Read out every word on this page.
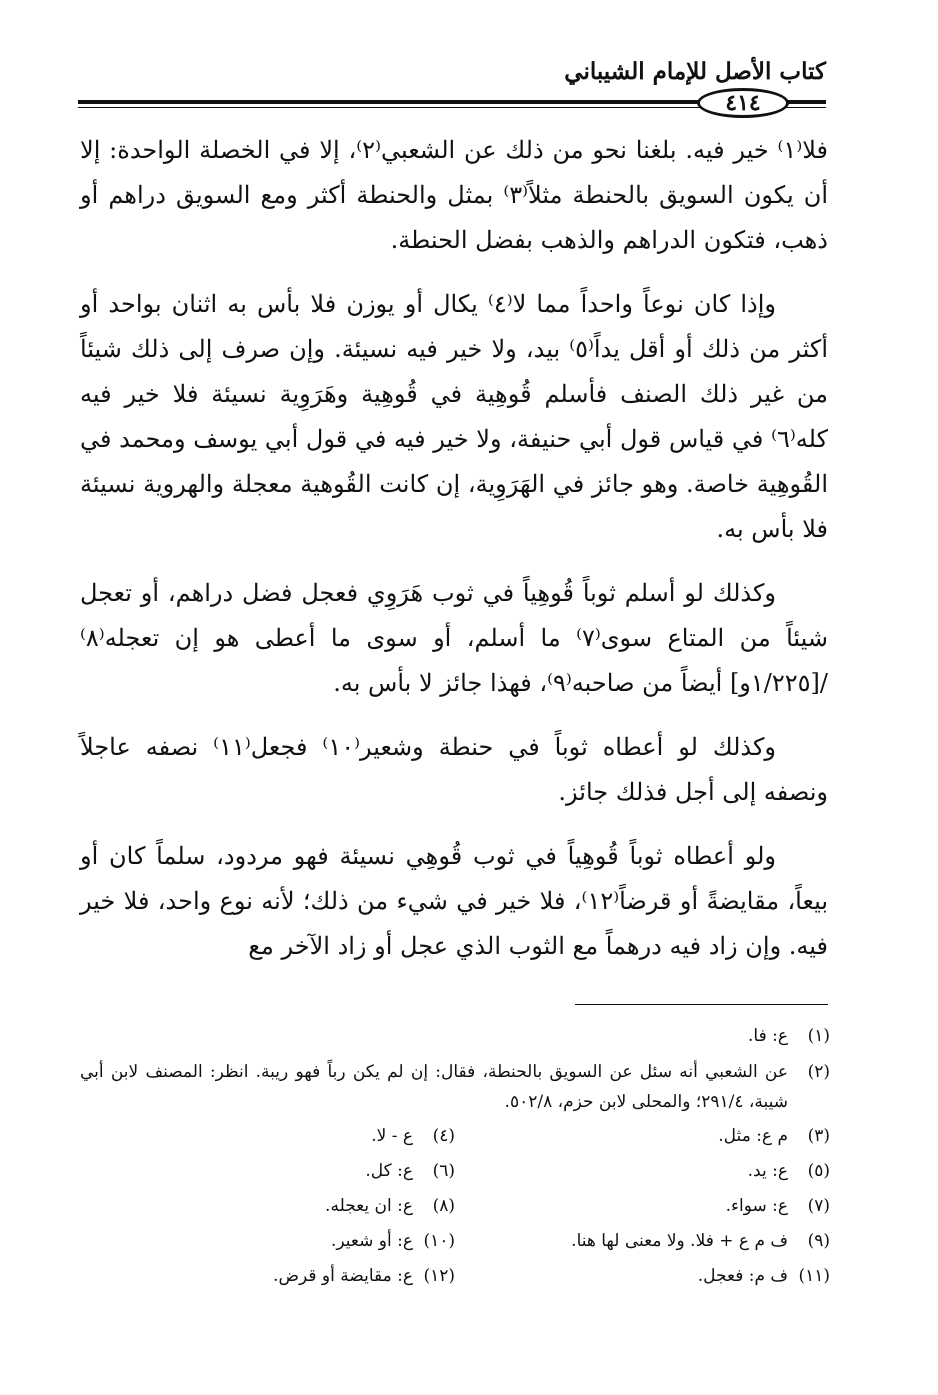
كتاب الأصل للإمام الشيباني
٤١٤

فلا⁽١⁾ خير فيه. بلغنا نحو من ذلك عن الشعبي⁽٢⁾، إلا في الخصلة الواحدة: إلا أن يكون السويق بالحنطة مثلاً⁽٣⁾ بمثل والحنطة أكثر ومع السويق دراهم أو ذهب، فتكون الدراهم والذهب بفضل الحنطة.

وإذا كان نوعاً واحداً مما لا⁽٤⁾ يكال أو يوزن فلا بأس به اثنان بواحد أو أكثر من ذلك أو أقل يداً⁽٥⁾ بيد، ولا خير فيه نسيئة. وإن صرف إلى ذلك شيئاً من غير ذلك الصنف فأسلم قُوهِية في قُوهِية وهَرَوِية نسيئة فلا خير فيه كله⁽٦⁾ في قياس قول أبي حنيفة، ولا خير فيه في قول أبي يوسف ومحمد في القُوهِية خاصة. وهو جائز في الهَرَوِية، إن كانت القُوهية معجلة والهروية نسيئة فلا بأس به.

وكذلك لو أسلم ثوباً قُوهِياً في ثوب هَرَوِي فعجل فضل دراهم، أو تعجل شيئاً من المتاع سوى⁽٧⁾ ما أسلم، أو سوى ما أعطى هو إن تعجله⁽٨⁾ /[١/٢٢٥و] أيضاً من صاحبه⁽٩⁾، فهذا جائز لا بأس به.

وكذلك لو أعطاه ثوباً في حنطة وشعير⁽١٠⁾ فجعل⁽١١⁾ نصفه عاجلاً ونصفه إلى أجل فذلك جائز.

ولو أعطاه ثوباً قُوهِياً في ثوب قُوهِي نسيئة فهو مردود، سلماً كان أو بيعاً، مقايضةً أو قرضاً⁽١٢⁾، فلا خير في شيء من ذلك؛ لأنه نوع واحد، فلا خير فيه. وإن زاد فيه درهماً مع الثوب الذي عجل أو زاد الآخر مع

(١)
ع: فا.
(٢)
عن الشعبي أنه سئل عن السويق بالحنطة، فقال: إن لم يكن رباً فهو ريبة. انظر: المصنف لابن أبي شيبة، ٢٩١/٤؛ والمحلى لابن حزم، ٥٠٢/٨.
(٣)
م ع: مثل.
(٤)
ع - لا.
(٥)
ع: يد.
(٦)
ع: كل.
(٧)
ع: سواء.
(٨)
ع: ان يعجله.
(٩)
ف م ع + فلا. ولا معنى لها هنا.
(١٠)
ع: أو شعير.
(١١)
ف م: فعجل.
(١٢)
ع: مقايضة أو قرض.
